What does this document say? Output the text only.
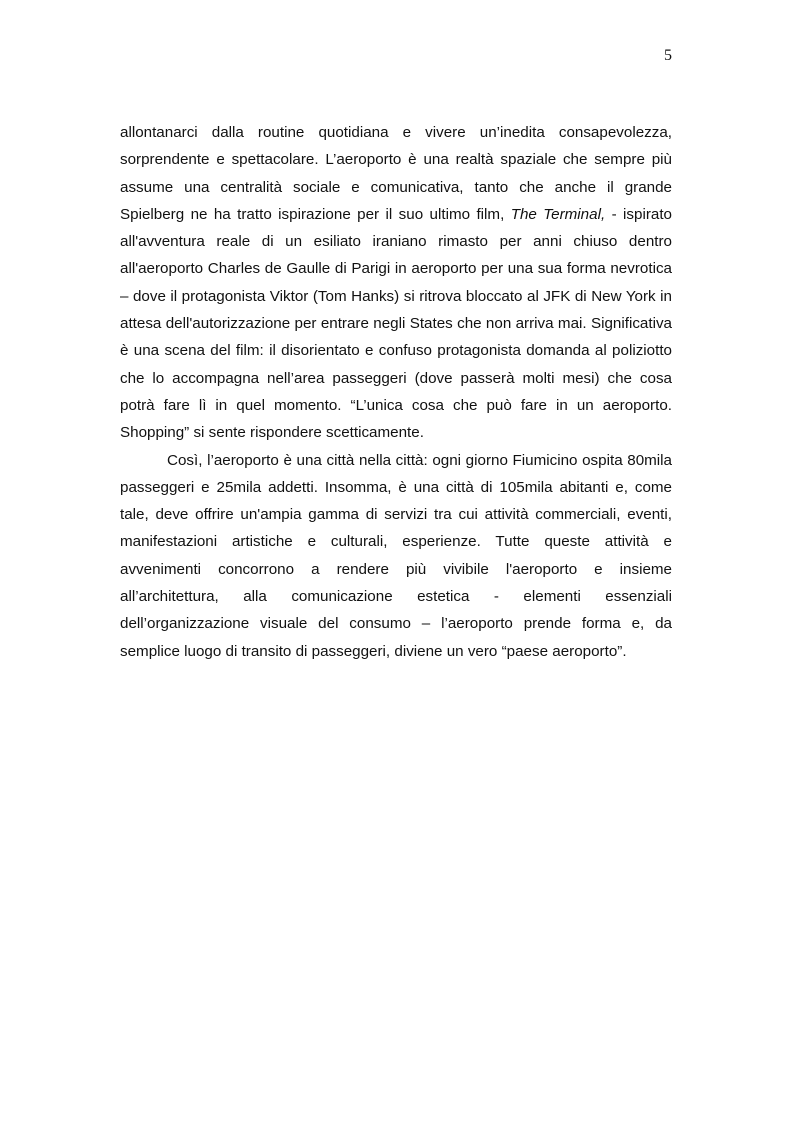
5

allontanarci dalla routine quotidiana e vivere un’inedita consapevolezza, sorprendente e spettacolare. L’aeroporto è una realtà spaziale che sempre più assume una centralità sociale e comunicativa, tanto che anche il grande Spielberg ne ha tratto ispirazione per il suo ultimo film, The Terminal, - ispirato all'avventura reale di un esiliato iraniano rimasto per anni chiuso dentro all'aeroporto Charles de Gaulle di Parigi in aeroporto per una sua forma nevrotica – dove il protagonista Viktor (Tom Hanks) si ritrova bloccato al JFK di New York in attesa dell'autorizzazione per entrare negli States che non arriva mai. Significativa è una scena del film: il disorientato e confuso protagonista domanda al poliziotto che lo accompagna nell’area passeggeri (dove passerà molti mesi) che cosa potrà fare lì in quel momento. “L’unica cosa che può fare in un aeroporto. Shopping” si sente rispondere scetticamente.

Così, l’aeroporto è una città nella città: ogni giorno Fiumicino ospita 80mila passeggeri e 25mila addetti. Insomma, è una città di 105mila abitanti e, come tale, deve offrire un'ampia gamma di servizi tra cui attività commerciali, eventi, manifestazioni artistiche e culturali, esperienze. Tutte queste attività e avvenimenti concorrono a rendere più vivibile l'aeroporto e insieme all’architettura, alla comunicazione estetica - elementi essenziali dell’organizzazione visuale del consumo – l’aeroporto prende forma e, da semplice luogo di transito di passeggeri, diviene un vero “paese aeroporto”.
